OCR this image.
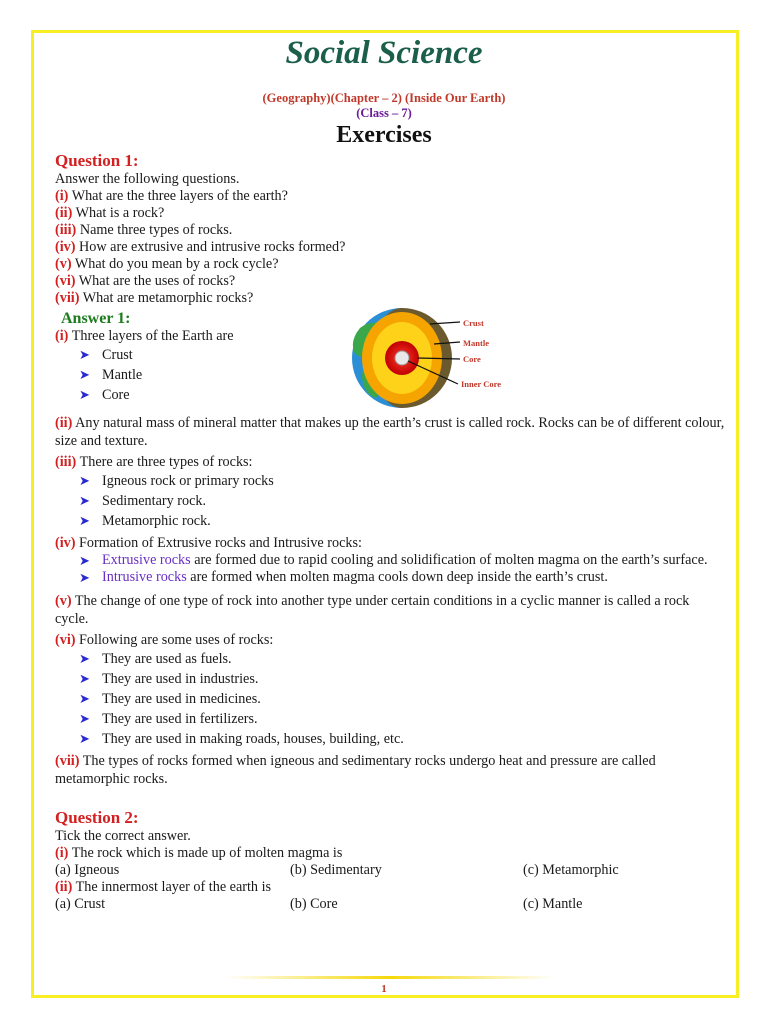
Social Science
(Geography)(Chapter – 2) (Inside Our Earth)
(Class – 7)
Exercises
Question 1:
Answer the following questions.
(i) What are the three layers of the earth?
(ii) What is a rock?
(iii) Name three types of rocks.
(iv) How are extrusive and intrusive rocks formed?
(v) What do you mean by a rock cycle?
(vi) What are the uses of rocks?
(vii) What are metamorphic rocks?
Answer 1:
(i) Three layers of the Earth are
➤ Crust
➤ Mantle
➤ Core
(ii) Any natural mass of mineral matter that makes up the earth’s crust is called rock. Rocks can be of different colour, size and texture.
(iii) There are three types of rocks:
➤ Igneous rock or primary rocks
➤ Sedimentary rock.
➤ Metamorphic rock.
(iv) Formation of Extrusive rocks and Intrusive rocks:
➤ Extrusive rocks are formed due to rapid cooling and solidification of molten magma on the earth’s surface.
➤ Intrusive rocks are formed when molten magma cools down deep inside the earth’s crust.
(v) The change of one type of rock into another type under certain conditions in a cyclic manner is called a rock cycle.
(vi) Following are some uses of rocks:
➤ They are used as fuels.
➤ They are used in industries.
➤ They are used in medicines.
➤ They are used in fertilizers.
➤ They are used in making roads, houses, building, etc.
(vii) The types of rocks formed when igneous and sedimentary rocks undergo heat and pressure are called metamorphic rocks.
Question 2:
Tick the correct answer.
(i) The rock which is made up of molten magma is
(a) Igneous	(b) Sedimentary	(c) Metamorphic
(ii) The innermost layer of the earth is
(a) Crust	(b) Core	(c) Mantle
Crust
Mantle
Core
Inner Core
1
